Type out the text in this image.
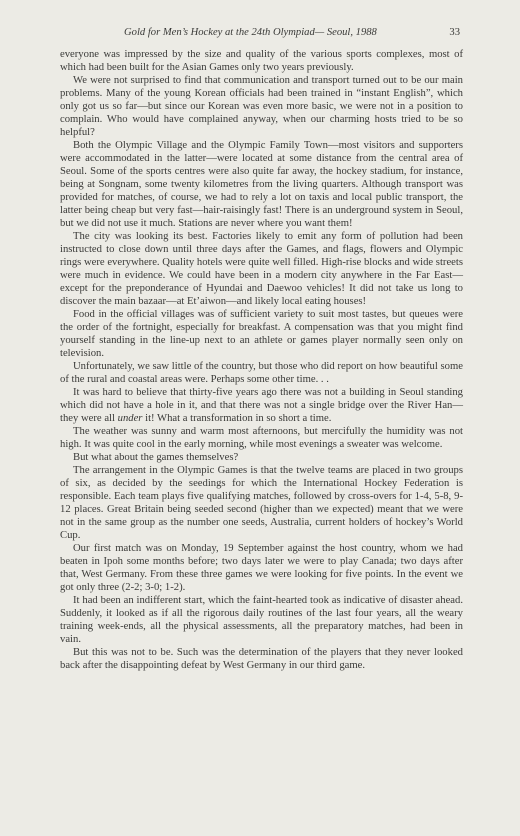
Gold for Men’s Hockey at the 24th Olympiad— Seoul, 1988	33

everyone was impressed by the size and quality of the various sports complexes, most of which had been built for the Asian Games only two years previously.

We were not surprised to find that communication and transport turned out to be our main problems. Many of the young Korean officials had been trained in “instant English”, which only got us so far—but since our Korean was even more basic, we were not in a position to complain. Who would have complained anyway, when our charming hosts tried to be so helpful?

Both the Olympic Village and the Olympic Family Town—most visitors and supporters were accommodated in the latter—were located at some distance from the central area of Seoul. Some of the sports centres were also quite far away, the hockey stadium, for instance, being at Songnam, some twenty kilometres from the living quarters. Although transport was provided for matches, of course, we had to rely a lot on taxis and local public transport, the latter being cheap but very fast—hair-raisingly fast! There is an underground system in Seoul, but we did not use it much. Stations are never where you want them!

The city was looking its best. Factories likely to emit any form of pollution had been instructed to close down until three days after the Games, and flags, flowers and Olympic rings were everywhere. Quality hotels were quite well filled. High-rise blocks and wide streets were much in evidence. We could have been in a modern city anywhere in the Far East—except for the preponderance of Hyundai and Daewoo vehicles! It did not take us long to discover the main bazaar—at Et’aiwon—and likely local eating houses!

Food in the official villages was of sufficient variety to suit most tastes, but queues were the order of the fortnight, especially for breakfast. A compensation was that you might find yourself standing in the line-up next to an athlete or games player normally seen only on television.

Unfortunately, we saw little of the country, but those who did report on how beautiful some of the rural and coastal areas were. Perhaps some other time. . .

It was hard to believe that thirty-five years ago there was not a building in Seoul standing which did not have a hole in it, and that there was not a single bridge over the River Han—they were all under it! What a transformation in so short a time.

The weather was sunny and warm most afternoons, but mercifully the humidity was not high. It was quite cool in the early morning, while most evenings a sweater was welcome.

But what about the games themselves?

The arrangement in the Olympic Games is that the twelve teams are placed in two groups of six, as decided by the seedings for which the International Hockey Federation is responsible. Each team plays five qualifying matches, followed by cross-overs for 1-4, 5-8, 9-12 places. Great Britain being seeded second (higher than we expected) meant that we were not in the same group as the number one seeds, Australia, current holders of hockey’s World Cup.

Our first match was on Monday, 19 September against the host country, whom we had beaten in Ipoh some months before; two days later we were to play Canada; two days after that, West Germany. From these three games we were looking for five points. In the event we got only three (2-2; 3-0; 1-2).

It had been an indifferent start, which the faint-hearted took as indicative of disaster ahead. Suddenly, it looked as if all the rigorous daily routines of the last four years, all the weary training week-ends, all the physical assessments, all the preparatory matches, had been in vain.

But this was not to be. Such was the determination of the players that they never looked back after the disappointing defeat by West Germany in our third game.
